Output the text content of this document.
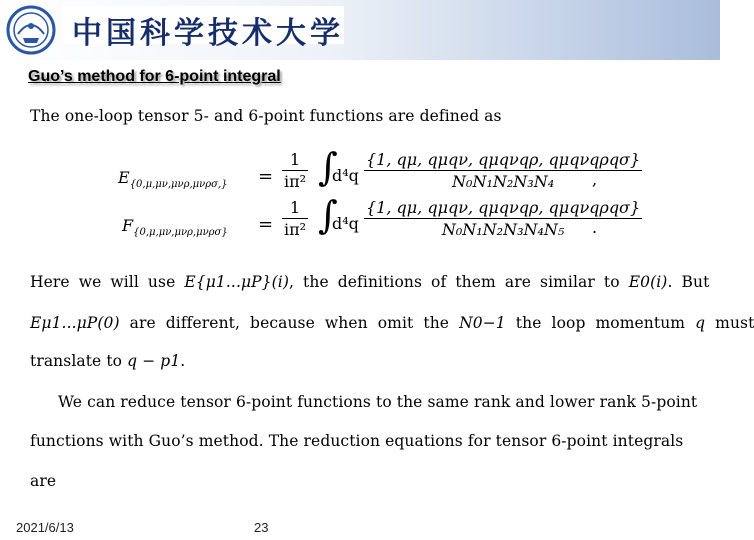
中国科学技术大学
Guo’s method for 6-point integral
The one-loop tensor 5- and 6-point functions are defined as
$E_{\{0,\mu,\mu\nu,\mu\nu\rho,\mu\nu\rho\sigma,\}} = \frac{1}{\text{iπ²}}$ ∫
d⁴q
{1, qμ, qμqν, qμqνqρ, qμqνqρqσ}
N₀N₁N₂N₃N₄	,
$F_{\{0,\mu,\mu\nu,\mu\nu\rho,\mu\nu\rho\sigma\}} = \frac{1}{\text{iπ²}}$ ∫
d⁴q
{1, qμ, qμqν, qμqνqρ, qμqνqρqσ}
N₀N₁N₂N₃N₄N₅	.
Here we will use E{μ1...μP}(i), the definitions of them are similar to E0(i). But
Eμ1...μP(0) are different, because when omit the N0−1 the loop momentum q must
translate to q − p1.
We can reduce tensor 6-point functions to the same rank and lower rank 5-point
functions with Guo’s method. The reduction equations for tensor 6-point integrals
are
2021/6/13	23
